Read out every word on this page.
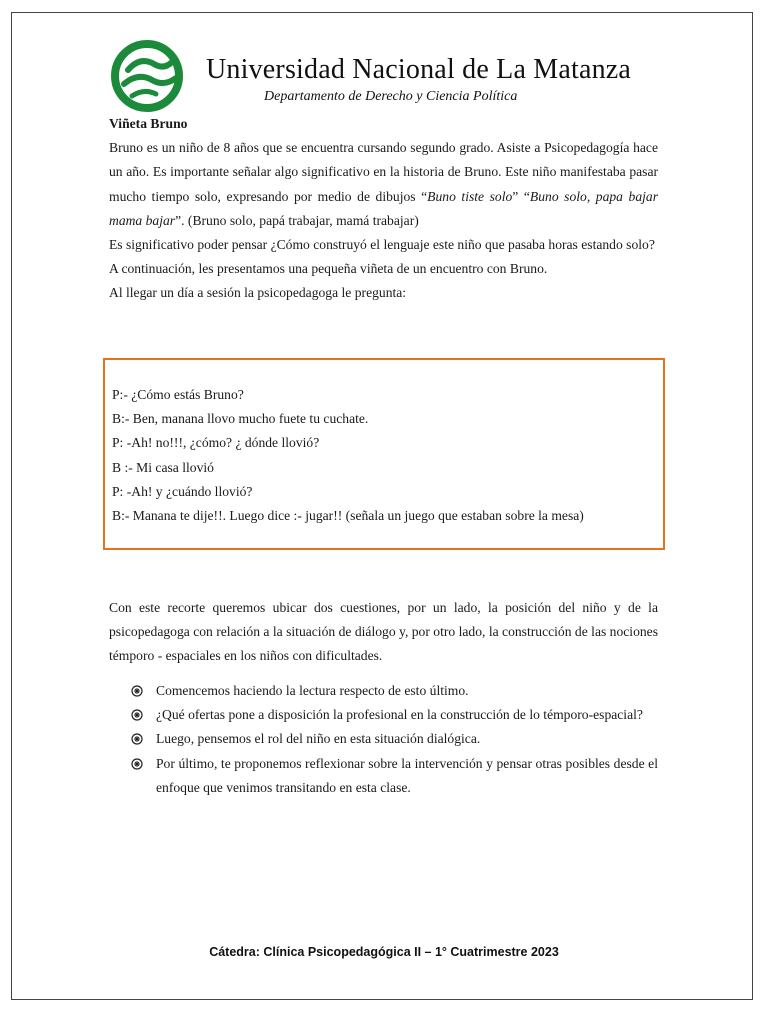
Universidad Nacional de La Matanza
Departamento de Derecho y Ciencia Política

Viñeta Bruno

Bruno es un niño de 8 años que se encuentra cursando segundo grado. Asiste a Psicopedagogía hace un año. Es importante señalar algo significativo en la historia de Bruno. Este niño manifestaba pasar mucho tiempo solo, expresando por medio de dibujos “Buno tiste solo” “Buno solo, papa bajar mama bajar”. (Bruno solo, papá trabajar, mamá trabajar)

Es significativo poder pensar ¿Cómo construyó el lenguaje este niño que pasaba horas estando solo?

A continuación, les presentamos una pequeña viñeta de un encuentro con Bruno.

Al llegar un día a sesión la psicopedagoga le pregunta:

P:- ¿Cómo estás Bruno?
B:- Ben, manana llovo mucho fuete tu cuchate.
P: -Ah! no!!!, ¿cómo? ¿ dónde llovió?
B :- Mi casa llovió
P: -Ah! y ¿cuándo llovió?
B:- Manana te dije!!. Luego dice :- jugar!! (señala un juego que estaban sobre la mesa)

Con este recorte queremos ubicar dos cuestiones, por un lado, la posición del niño y de la psicopedagoga con relación a la situación de diálogo y, por otro lado, la construcción de las nociones témporo - espaciales en los niños con dificultades.

Comencemos haciendo la lectura respecto de esto último.
¿Qué ofertas pone a disposición la profesional en la construcción de lo témporo-espacial?
Luego, pensemos el rol del niño en esta situación dialógica.
Por último, te proponemos reflexionar sobre la intervención y pensar otras posibles desde el enfoque que venimos transitando en esta clase.
Cátedra: Clínica Psicopedagógica II – 1° Cuatrimestre 2023
